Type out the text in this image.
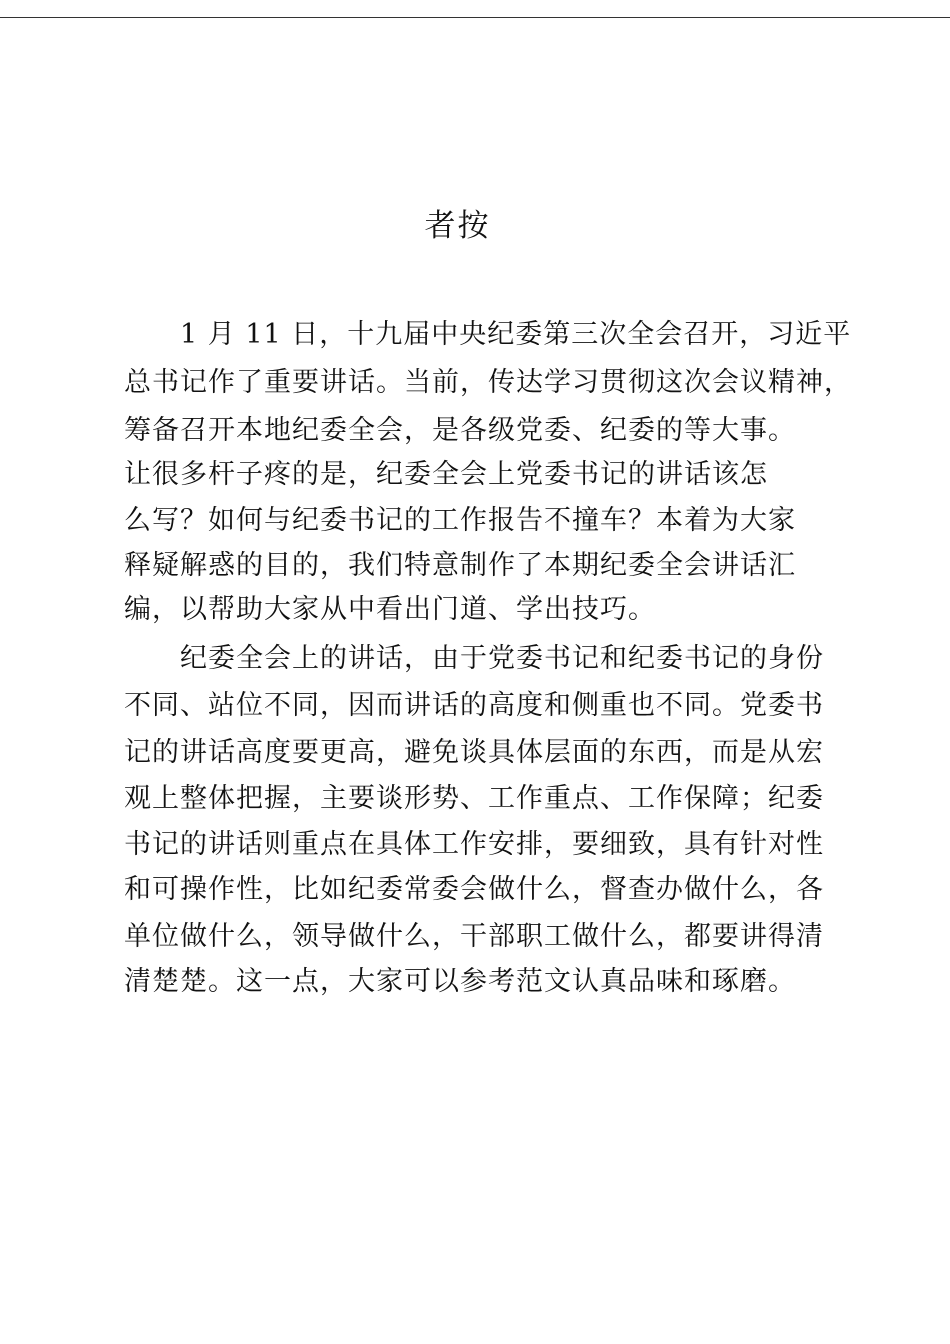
者按
1 月 11 日，十九届中央纪委第三次全会召开，习近平
总书记作了重要讲话。当前，传达学习贯彻这次会议精神，
筹备召开本地纪委全会，是各级党委、纪委的等大事。
让很多杆子疼的是，纪委全会上党委书记的讲话该怎
么写？如何与纪委书记的工作报告不撞车？本着为大家
释疑解惑的目的，我们特意制作了本期纪委全会讲话汇
编，以帮助大家从中看出门道、学出技巧。
纪委全会上的讲话，由于党委书记和纪委书记的身份
不同、站位不同，因而讲话的高度和侧重也不同。党委书
记的讲话高度要更高，避免谈具体层面的东西，而是从宏
观上整体把握，主要谈形势、工作重点、工作保障；纪委
书记的讲话则重点在具体工作安排，要细致，具有针对性
和可操作性，比如纪委常委会做什么，督查办做什么，各
单位做什么，领导做什么，干部职工做什么，都要讲得清
清楚楚。这一点，大家可以参考范文认真品味和琢磨。
